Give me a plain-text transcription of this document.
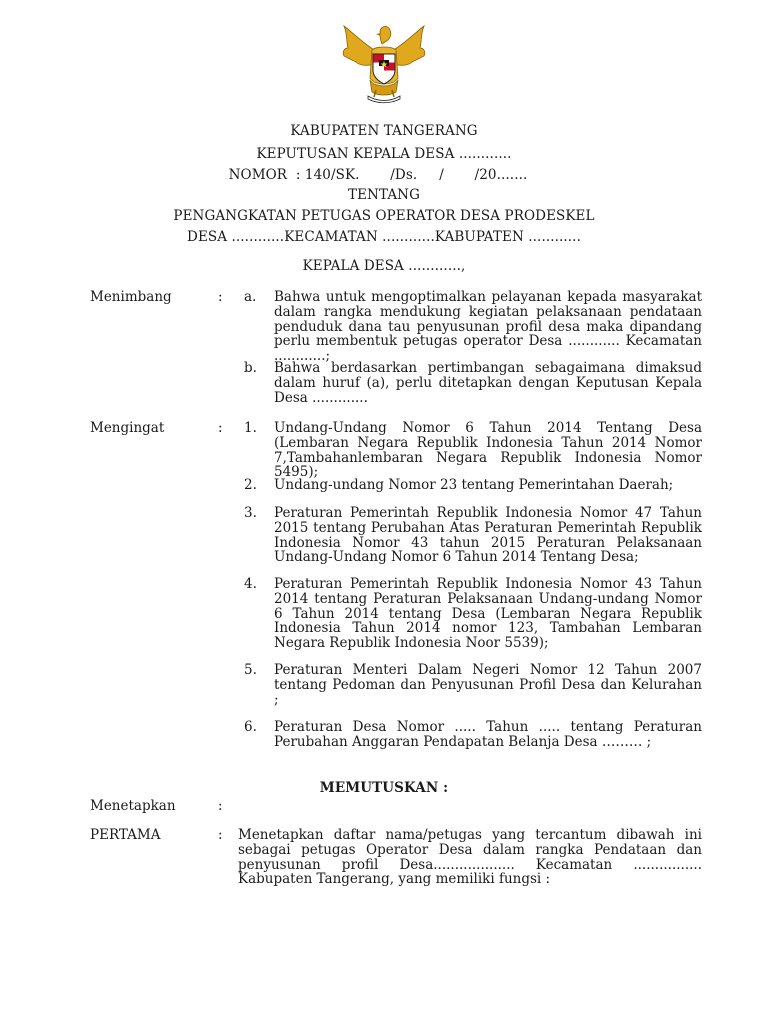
KABUPATEN TANGERANG
KEPUTUSAN KEPALA DESA ............
NOMOR  : 140/SK.       /Ds.     /       /20.......
TENTANG
PENGANGKATAN PETUGAS OPERATOR DESA PRODESKEL
DESA ............KECAMATAN ............KABUPATEN ............
KEPALA DESA ............,
Menimbang	: a. Bahwa untuk mengoptimalkan pelayanan kepada masyarakat dalam rangka mendukung kegiatan pelaksanaan pendataan penduduk dana tau penyusunan profil desa maka dipandang perlu membentuk petugas operator Desa ............ Kecamatan ............;
b. Bahwa berdasarkan pertimbangan sebagaimana dimaksud dalam huruf (a), perlu ditetapkan dengan Keputusan Kepala Desa .............
Mengingat	: 1. Undang-Undang Nomor 6 Tahun 2014 Tentang Desa (Lembaran Negara Republik Indonesia Tahun 2014 Nomor 7,Tambahanlembaran Negara Republik Indonesia Nomor 5495);
2. Undang-undang Nomor 23 tentang Pemerintahan Daerah;
3. Peraturan Pemerintah Republik Indonesia Nomor 47 Tahun 2015 tentang Perubahan Atas Peraturan Pemerintah Republik Indonesia Nomor 43 tahun 2015 Peraturan Pelaksanaan Undang-Undang Nomor 6 Tahun 2014 Tentang Desa;
4. Peraturan Pemerintah Republik Indonesia Nomor 43 Tahun 2014 tentang Peraturan Pelaksanaan Undang-undang Nomor 6 Tahun 2014 tentang Desa (Lembaran Negara Republik Indonesia Tahun 2014 nomor 123, Tambahan Lembaran Negara Republik Indonesia Noor 5539);
5. Peraturan Menteri Dalam Negeri Nomor 12 Tahun 2007 tentang Pedoman dan Penyusunan Profil Desa dan Kelurahan ;
6. Peraturan Desa Nomor ..... Tahun ..... tentang Peraturan Perubahan Anggaran Pendapatan Belanja Desa ……… ;
MEMUTUSKAN :
Menetapkan	:
PERTAMA	: Menetapkan daftar nama/petugas yang tercantum dibawah ini sebagai petugas Operator Desa dalam rangka Pendataan dan penyusunan profil Desa................... Kecamatan ................ Kabupaten Tangerang, yang memiliki fungsi :
